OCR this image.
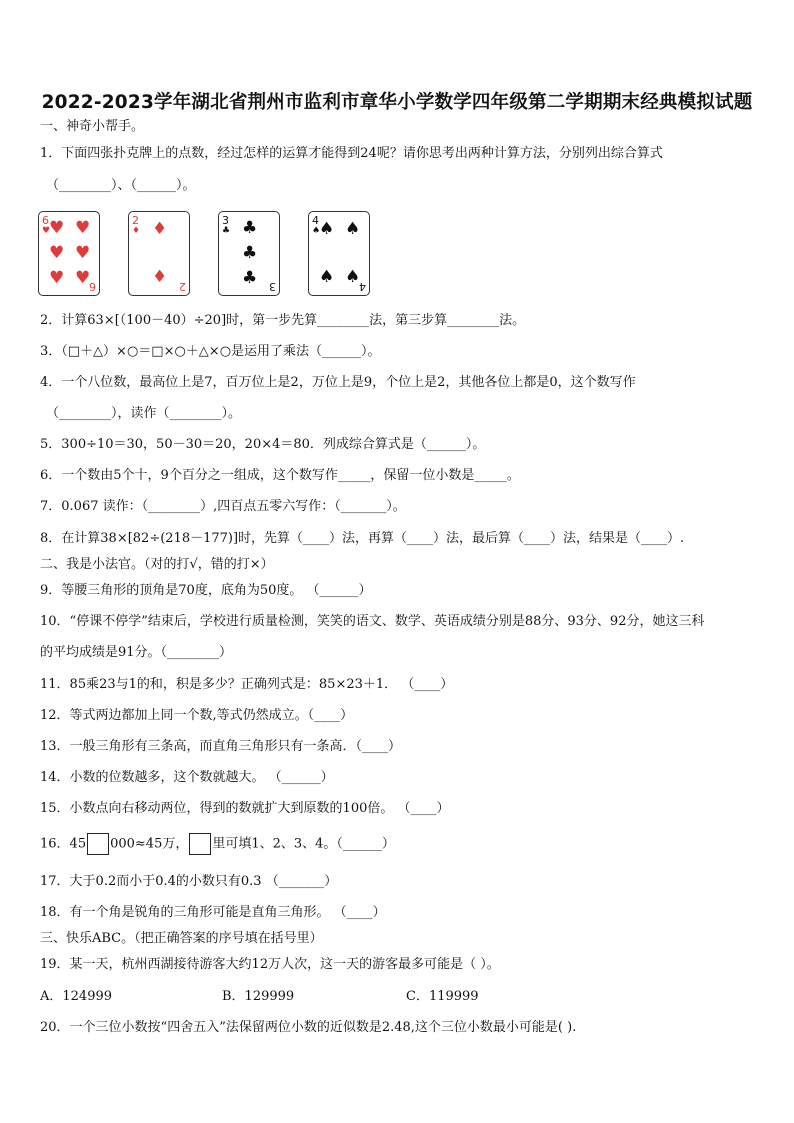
2022-2023学年湖北省荆州市监利市章华小学数学四年级第二学期期末经典模拟试题
一、神奇小帮手。
1．下面四张扑克牌上的点数，经过怎样的运算才能得到24呢？请你思考出两种计算方法，分别列出综合算式
（________）、（______）。
6
♥
♥ ♥
♥ ♥
♥ ♥
6
2
♦ ♦
♦ 2
3
♣ ♣
♣
♣ 3
4
♠
♠ ♠
♠ ♠
4
2．计算63×[（100－40）÷20]时，第一步先算________法，第三步算________法。
3．（□＋△）×○＝□×○＋△×○是运用了乘法（______）。
4．一个八位数，最高位上是7，百万位上是2，万位上是9，个位上是2，其他各位上都是0，这个数写作
（________），读作（________）。
5．300÷10＝30，50－30＝20，20×4＝80．列成综合算式是（______）。
6．一个数由5个十，9个百分之一组成，这个数写作_____，保留一位小数是_____。
7．0.067 读作：（________）,四百点五零六写作：（_______）。
8．在计算38×[82÷(218－177)]时，先算（____）法，再算（____）法，最后算（____）法，结果是（____）.
二、我是小法官。（对的打√，错的打×）
9．等腰三角形的顶角是70度，底角为50度。 （______）
10．“停课不停学”结束后，学校进行质量检测，笑笑的语文、数学、英语成绩分别是88分、93分、92分，她这三科
的平均成绩是91分。（________）
11．85乘23与1的和，积是多少？正确列式是：85×23＋1． （____）
12．等式两边都加上同一个数,等式仍然成立。（____）
13．一般三角形有三条高，而直角三角形只有一条高．（____）
14．小数的位数越多，这个数就越大。 （______）
15．小数点向右移动两位，得到的数就扩大到原数的100倍。 （____）
16．45 000≈45万， 里可填1、2、3、4。（______）
17．大于0.2而小于0.4的小数只有0.3 （_______）
18．有一个角是锐角的三角形可能是直角三角形。 （____）
三、快乐ABC。（把正确答案的序号填在括号里）
19．某一天，杭州西湖接待游客大约12万人次，这一天的游客最多可能是（ ）。
A．124999	B．129999	C．119999
20．一个三位小数按“四舍五入”法保留两位小数的近似数是2.48,这个三位小数最小可能是( ).
